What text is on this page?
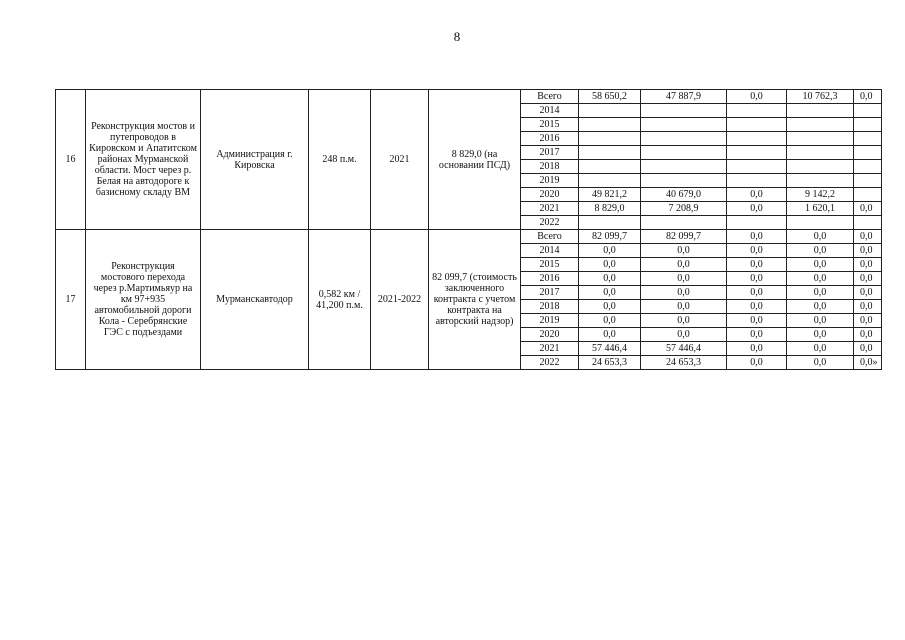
8
16	Реконструкция мостов и путепроводов в Кировском и Апатитском районах Мурманской области. Мост через р. Белая на автодороге к базисному складу ВМ	Администрация г. Кировска	248 п.м.	2021	8 829,0 (на основании ПСД)	Всего	58 650,2	47 887,9	0,0	10 762,3	0,0
						2014					
						2015					
						2016					
						2017					
						2018					
						2019					
						2020	49 821,2	40 679,0	0,0	9 142,2	
						2021	8 829,0	7 208,9	0,0	1 620,1	0,0
						2022					
17	Реконструкция мостового перехода через р.Мартимьяур на км 97+935 автомобильной дороги Кола - Серебрянские ГЭС с подъездами	Мурманскавтодор	0,582 км / 41,200 п.м.	2021-2022	82 099,7 (стоимость заключенного контракта с учетом контракта на авторский надзор)	Всего	82 099,7	82 099,7	0,0	0,0	0,0
						2014	0,0	0,0	0,0	0,0	0,0
						2015	0,0	0,0	0,0	0,0	0,0
						2016	0,0	0,0	0,0	0,0	0,0
						2017	0,0	0,0	0,0	0,0	0,0
						2018	0,0	0,0	0,0	0,0	0,0
						2019	0,0	0,0	0,0	0,0	0,0
						2020	0,0	0,0	0,0	0,0	0,0
						2021	57 446,4	57 446,4	0,0	0,0	0,0
						2022	24 653,3	24 653,3	0,0	0,0	0,0»
